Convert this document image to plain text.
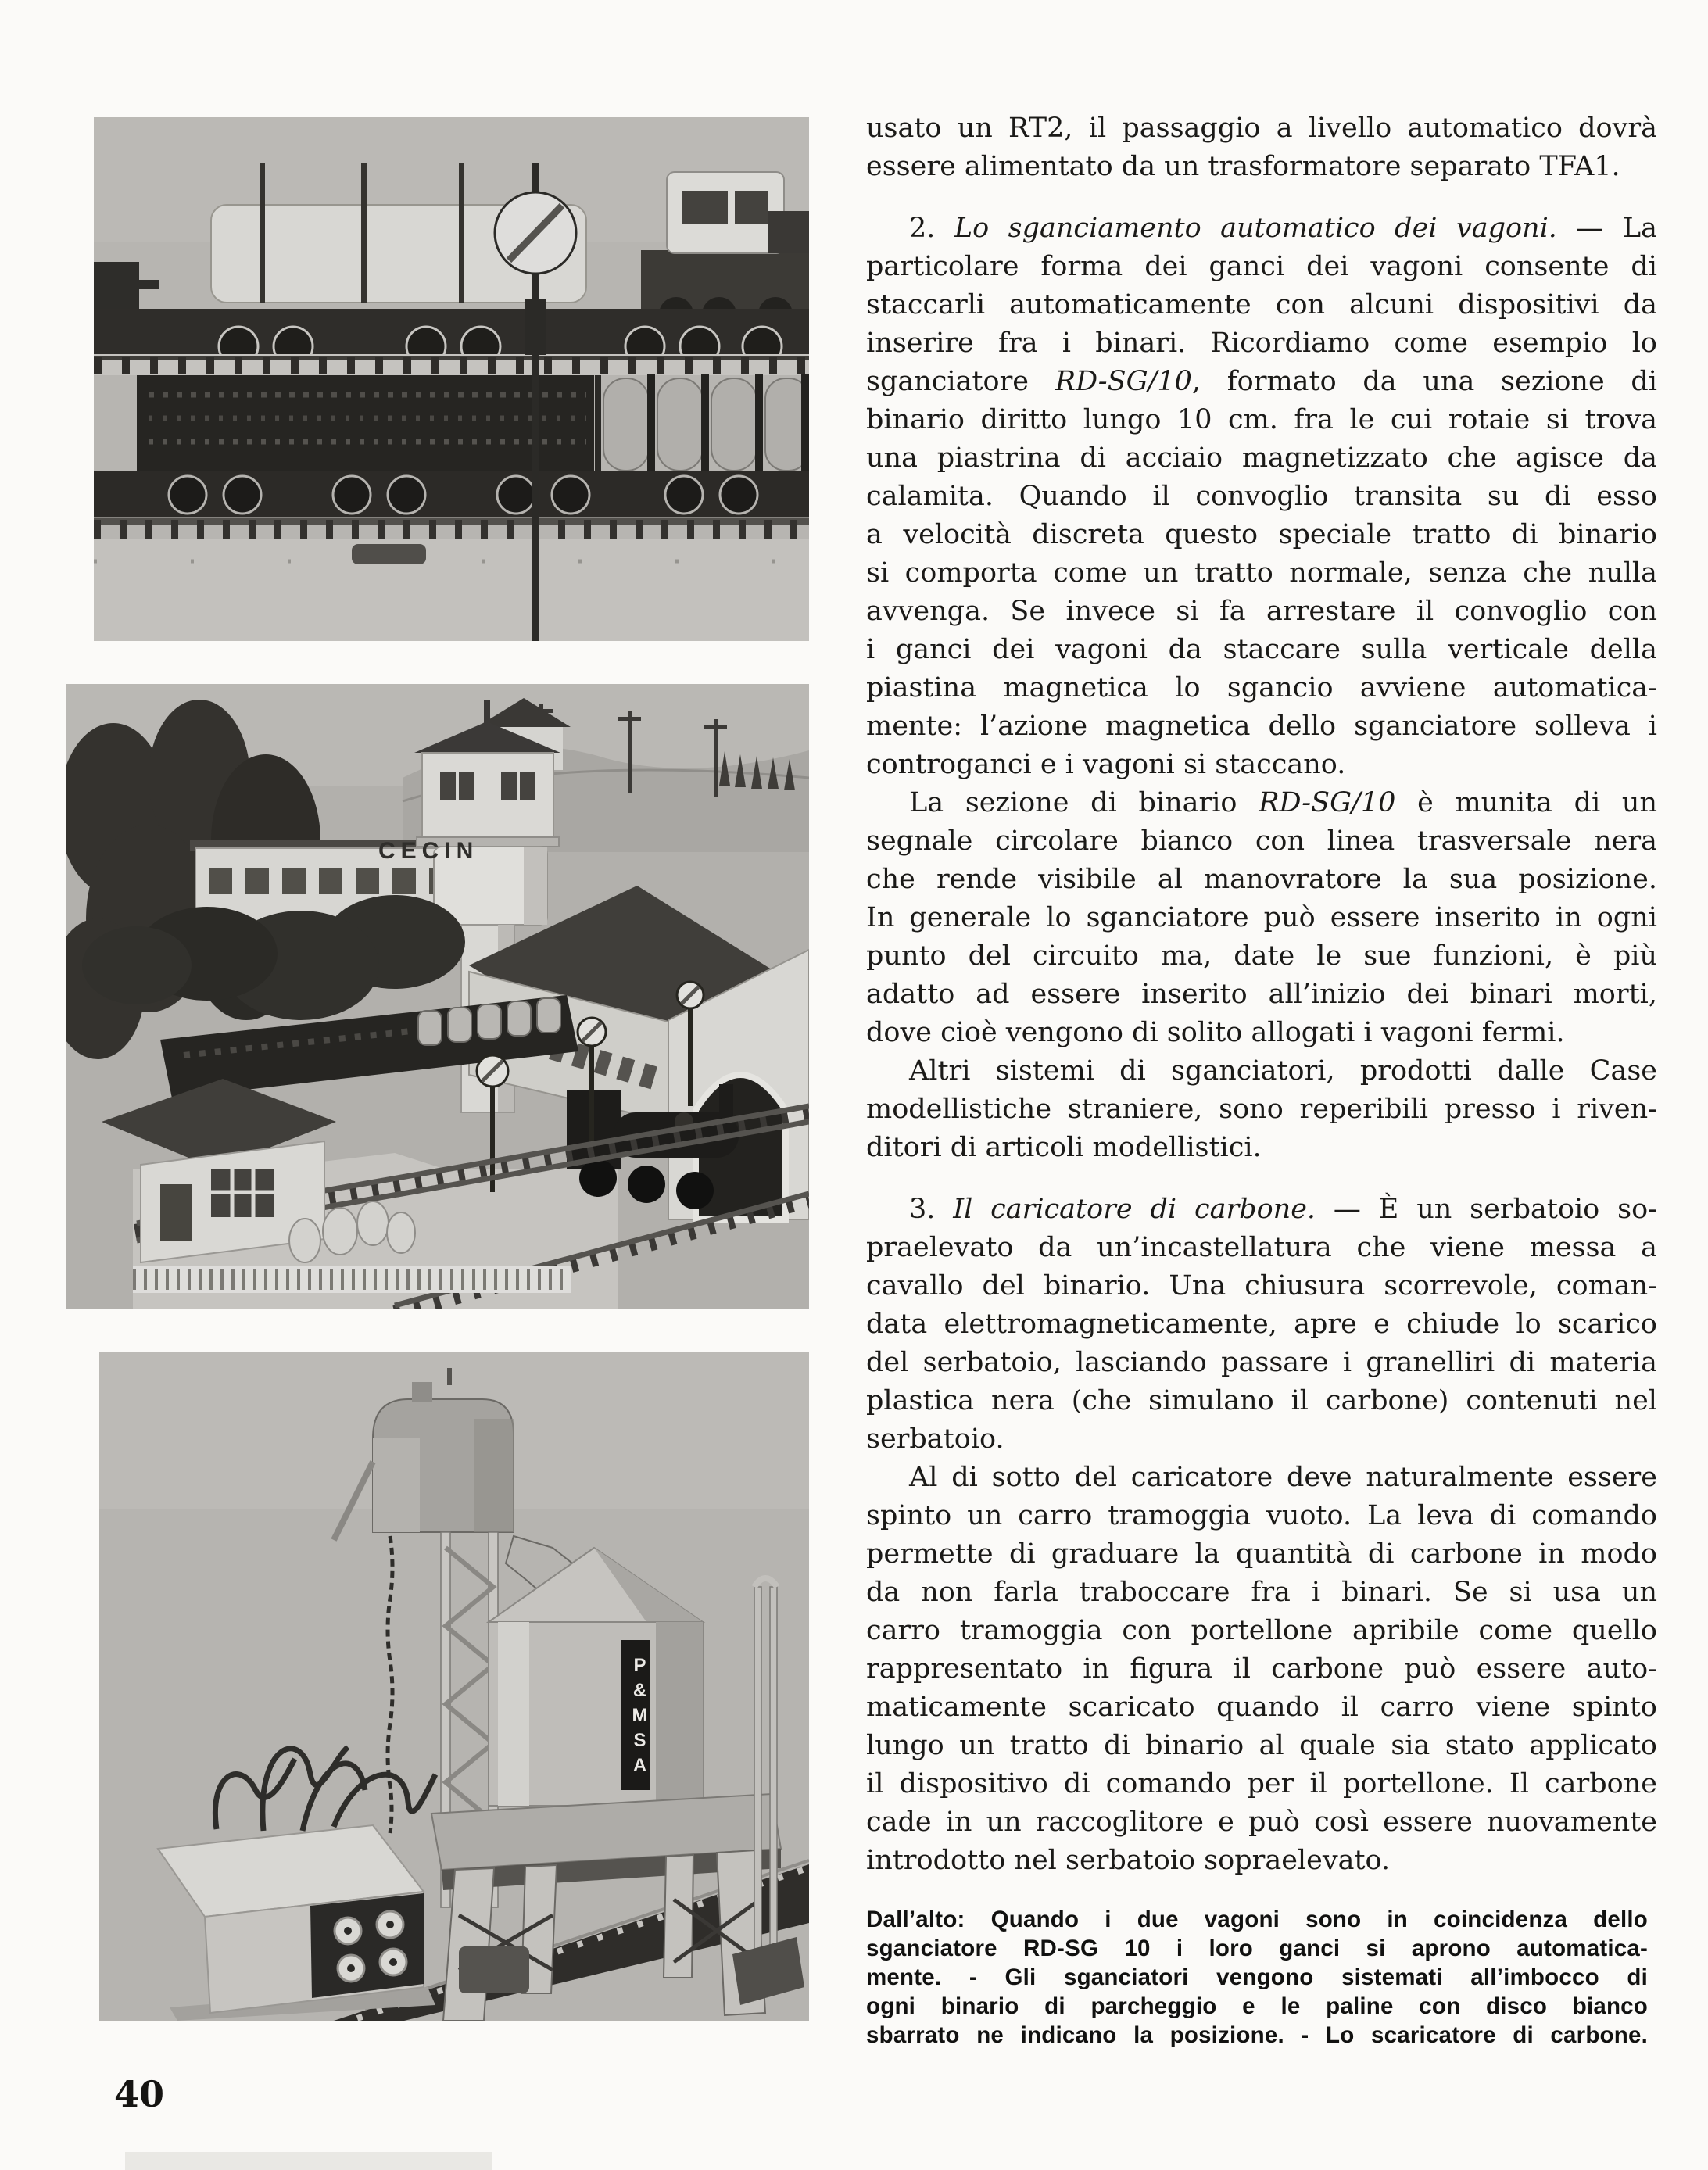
CECIN
P&MSA
usato un RT2, il passaggio a livello automatico dovrà
essere alimentato da un trasformatore separato TFA1.
2. Lo sganciamento automatico dei vagoni. — La
particolare forma dei ganci dei vagoni consente di
staccarli automaticamente con alcuni dispositivi da
inserire fra i binari. Ricordiamo come esempio lo
sganciatore RD-SG/10, formato da una sezione di
binario diritto lungo 10 cm. fra le cui rotaie si trova
una piastrina di acciaio magnetizzato che agisce da
calamita. Quando il convoglio transita su di esso
a velocità discreta questo speciale tratto di binario
si comporta come un tratto normale, senza che nulla
avvenga. Se invece si fa arrestare il convoglio con
i ganci dei vagoni da staccare sulla verticale della
piastina magnetica lo sgancio avviene automatica-
mente: l’azione magnetica dello sganciatore solleva i
controganci e i vagoni si staccano.
La sezione di binario RD-SG/10 è munita di un
segnale circolare bianco con linea trasversale nera
che rende visibile al manovratore la sua posizione.
In generale lo sganciatore può essere inserito in ogni
punto del circuito ma, date le sue funzioni, è più
adatto ad essere inserito all’inizio dei binari morti,
dove cioè vengono di solito allogati i vagoni fermi.
Altri sistemi di sganciatori, prodotti dalle Case
modellistiche straniere, sono reperibili presso i riven-
ditori di articoli modellistici.
3. Il caricatore di carbone. — È un serbatoio so-
praelevato da un’incastellatura che viene messa a
cavallo del binario. Una chiusura scorrevole, coman-
data elettromagneticamente, apre e chiude lo scarico
del serbatoio, lasciando passare i granelliri di materia
plastica nera (che simulano il carbone) contenuti nel
serbatoio.
Al di sotto del caricatore deve naturalmente essere
spinto un carro tramoggia vuoto. La leva di comando
permette di graduare la quantità di carbone in modo
da non farla traboccare fra i binari. Se si usa un
carro tramoggia con portellone apribile come quello
rappresentato in figura il carbone può essere auto-
maticamente scaricato quando il carro viene spinto
lungo un tratto di binario al quale sia stato applicato
il dispositivo di comando per il portellone. Il carbone
cade in un raccoglitore e può così essere nuovamente
introdotto nel serbatoio sopraelevato.
Dall’alto: Quando i due vagoni sono in coincidenza dello
sganciatore RD-SG 10 i loro ganci si aprono automatica-
mente. - Gli sganciatori vengono sistemati all’imbocco di
ogni binario di parcheggio e le paline con disco bianco
sbarrato ne indicano la posizione. - Lo scaricatore di carbone.
40
